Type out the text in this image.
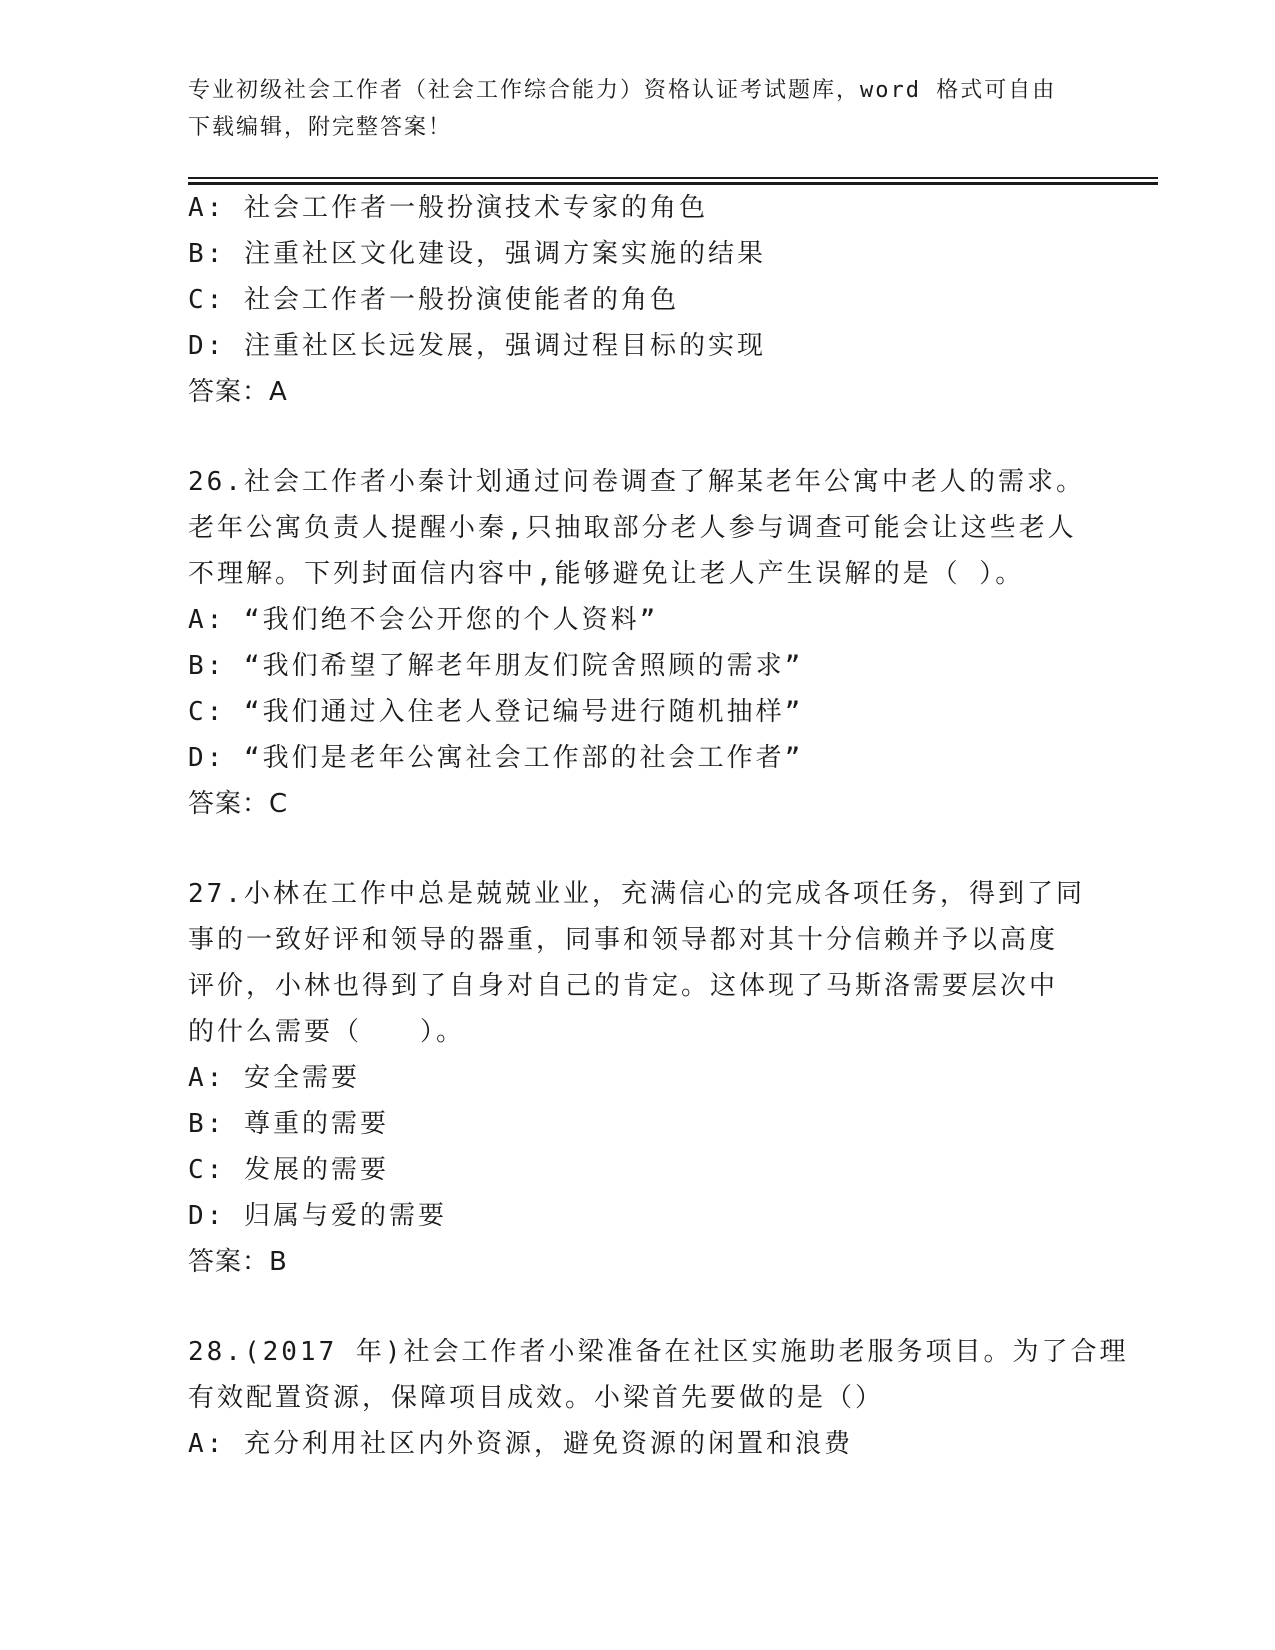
专业初级社会工作者（社会工作综合能力）资格认证考试题库，word 格式可自由
下载编辑，附完整答案！
A: 社会工作者一般扮演技术专家的角色
B: 注重社区文化建设，强调方案实施的结果
C: 社会工作者一般扮演使能者的角色
D: 注重社区长远发展，强调过程目标的实现
答案：A
26.社会工作者小秦计划通过问卷调查了解某老年公寓中老人的需求。
老年公寓负责人提醒小秦,只抽取部分老人参与调查可能会让这些老人
不理解。下列封面信内容中,能够避免让老人产生误解的是（ ）。
A: “我们绝不会公开您的个人资料”
B: “我们希望了解老年朋友们院舍照顾的需求”
C: “我们通过入住老人登记编号进行随机抽样”
D: “我们是老年公寓社会工作部的社会工作者”
答案：C
27.小林在工作中总是兢兢业业，充满信心的完成各项任务，得到了同
事的一致好评和领导的器重，同事和领导都对其十分信赖并予以高度
评价，小林也得到了自身对自己的肯定。这体现了马斯洛需要层次中
的什么需要（　　）。
A: 安全需要
B: 尊重的需要
C: 发展的需要
D: 归属与爱的需要
答案：B
28.(2017 年)社会工作者小梁准备在社区实施助老服务项目。为了合理
有效配置资源，保障项目成效。小梁首先要做的是（）
A: 充分利用社区内外资源，避免资源的闲置和浪费
